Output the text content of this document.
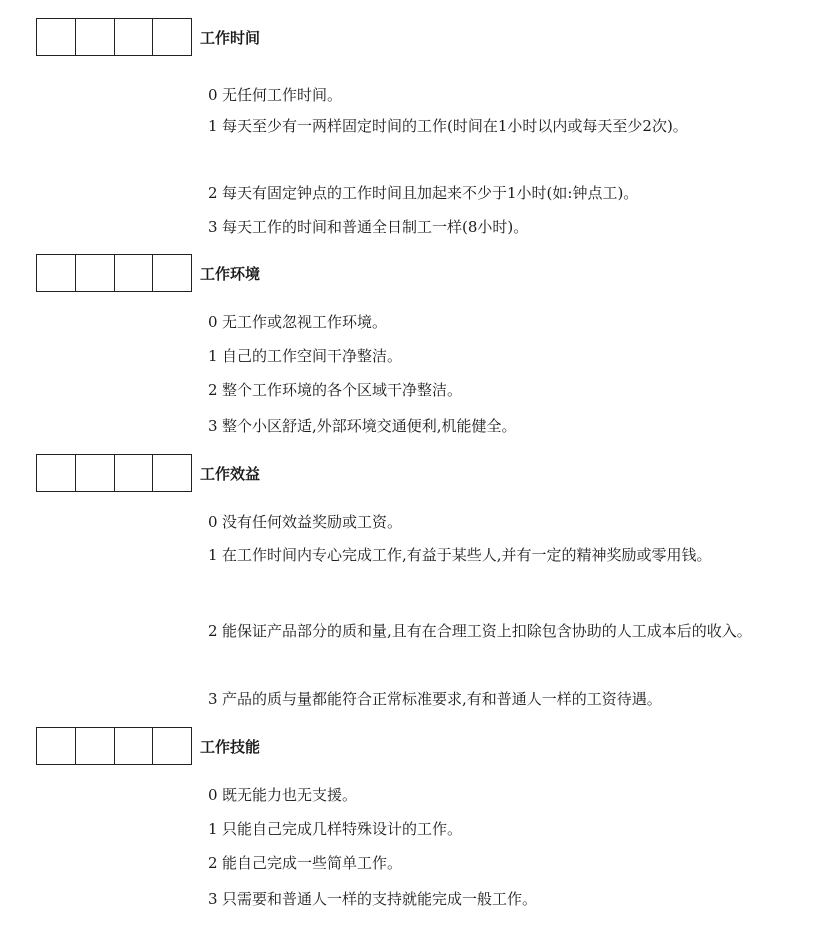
工作时间
0 无任何工作时间。
1 每天至少有一两样固定时间的工作(时间在1小时以内或每天至少2次)。
2 每天有固定钟点的工作时间且加起来不少于1小时(如:钟点工)。
3 每天工作的时间和普通全日制工一样(8小时)。
工作环境
0 无工作或忽视工作环境。
1 自己的工作空间干净整洁。
2 整个工作环境的各个区域干净整洁。
3 整个小区舒适,外部环境交通便利,机能健全。
工作效益
0 没有任何效益奖励或工资。
1 在工作时间内专心完成工作,有益于某些人,并有一定的精神奖励或零用钱。
2 能保证产品部分的质和量,且有在合理工资上扣除包含协助的人工成本后的收入。
3 产品的质与量都能符合正常标准要求,有和普通人一样的工资待遇。
工作技能
0 既无能力也无支援。
1 只能自己完成几样特殊设计的工作。
2 能自己完成一些简单工作。
3 只需要和普通人一样的支持就能完成一般工作。
